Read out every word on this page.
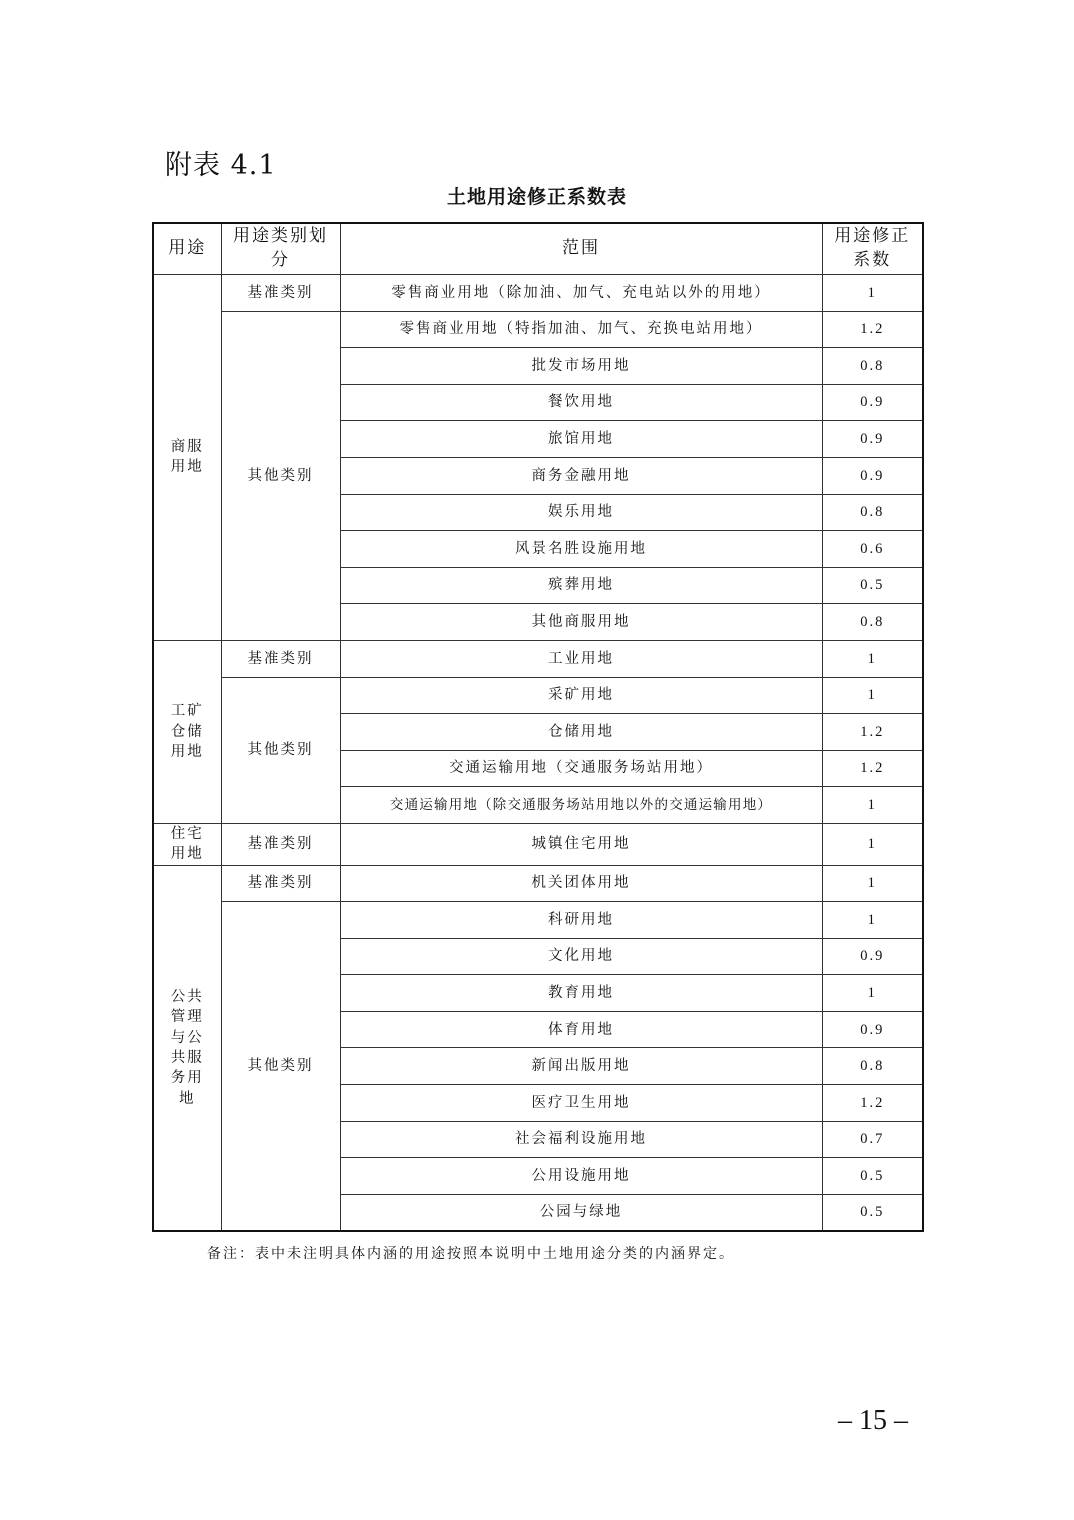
附表 4.1
土地用途修正系数表
用途	用途类别划分	范围	用途修正系数
商服用地	基准类别	零售商业用地（除加油、加气、充电站以外的用地）	1
	其他类别	零售商业用地（特指加油、加气、充换电站用地）	1.2
		批发市场用地	0.8
		餐饮用地	0.9
		旅馆用地	0.9
		商务金融用地	0.9
		娱乐用地	0.8
		风景名胜设施用地	0.6
		殡葬用地	0.5
		其他商服用地	0.8
工矿仓储用地	基准类别	工业用地	1
	其他类别	采矿用地	1
		仓储用地	1.2
		交通运输用地（交通服务场站用地）	1.2
		交通运输用地（除交通服务场站用地以外的交通运输用地）	1
住宅用地	基准类别	城镇住宅用地	1
公共管理与公共服务用地	基准类别	机关团体用地	1
	其他类别	科研用地	1
		文化用地	0.9
		教育用地	1
		体育用地	0.9
		新闻出版用地	0.8
		医疗卫生用地	1.2
		社会福利设施用地	0.7
		公用设施用地	0.5
		公园与绿地	0.5
备注：表中未注明具体内涵的用途按照本说明中土地用途分类的内涵界定。
– 15 –
